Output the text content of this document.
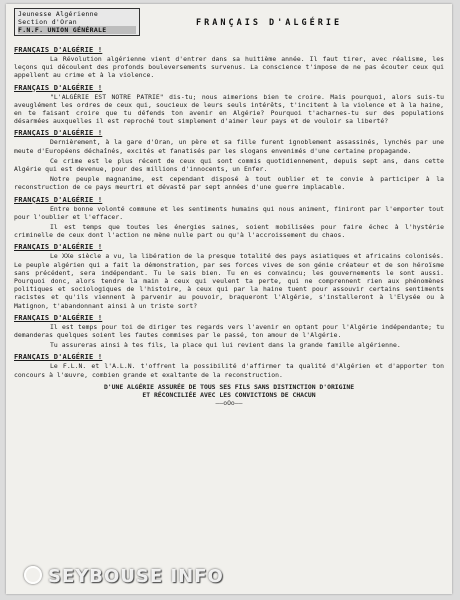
Jeunesse Algérienne
Section d'Oran
F.N.F. UNION GÉNÉRALE
FRANÇAIS D'ALGÉRIE
FRANÇAIS D'ALGÉRIE !

La Révolution algérienne vient d'entrer dans sa huitième année. Il faut tirer, avec réalisme, les leçons qui découlent des profonds bouleversements survenus. La conscience t'impose de ne pas écouter ceux qui appellent au crime et à la violence.

FRANÇAIS D'ALGÉRIE !

"L'ALGÉRIE EST NOTRE PATRIE" dis-tu; nous aimerions bien te croire. Mais pourquoi, alors suis-tu aveuglément les ordres de ceux qui, soucieux de leurs seuls intérêts, t'incitent à la violence et à la haine, en te faisant croire que tu défends ton avenir en Algérie? Pourquoi t'acharnes-tu sur des populations désarmées auxquelles il est reproché tout simplement d'aimer leur pays et de vouloir sa liberté?

FRANÇAIS D'ALGÉRIE !

Dernièrement, à la gare d'Oran, un père et sa fille furent ignoblement assassinés, lynchés par une meute d'Européens déchaînés, excités et fanatisés par les slogans envenimés d'une certaine propagande.

Ce crime est le plus récent de ceux qui sont commis quotidiennement, depuis sept ans, dans cette Algérie qui est devenue, pour des millions d'innocents, un Enfer.

Notre peuple magnanime, est cependant disposé à tout oublier et te convie à participer à la reconstruction de ce pays meurtri et dévasté par sept années d'une guerre implacable.

FRANÇAIS D'ALGÉRIE !

Entre bonne volonté commune et les sentiments humains qui nous animent, finiront par l'emporter tout pour l'oublier et l'effacer.

Il est temps que toutes les énergies saines, soient mobilisées pour faire échec à l'hystérie criminelle de ceux dont l'action ne mène nulle part ou qu'à l'accroissement du chaos.

FRANÇAIS D'ALGÉRIE !

Le XXe siècle a vu, la libération de la presque totalité des pays asiatiques et africains colonisés. Le peuple algérien qui a fait la démonstration, par ses forces vives de son génie créateur et de son héroïsme sans précédent, sera indépendant. Tu le sais bien. Tu en es convaincu; les gouvernements le sont aussi. Pourquoi donc, alors tendre la main à ceux qui veulent ta perte, qui ne comprennent rien aux phénomènes politiques et sociologiques de l'histoire, à ceux qui par la haine tuent pour assouvir certains sentiments racistes et qu'ils viennent à parvenir au pouvoir, braqueront l'Algérie, s'installeront à l'Elysée ou à Matignon, t'abandonnant ainsi à un triste sort?

FRANÇAIS D'ALGÉRIE !

Il est temps pour toi de diriger tes regards vers l'avenir en optant pour l'Algérie indépendante; tu demanderas quelques soient les fautes commises par le passé, ton amour de l'Algérie.

Tu assureras ainsi à tes fils, la place qui lui revient dans la grande famille algérienne.

FRANÇAIS D'ALGÉRIE !

Le F.L.N. et l'A.L.N. t'offrent la possibilité d'affirmer ta qualité d'Algérien et d'apporter ton concours à l'œuvre, combien grande et exaltante de la reconstruction.

D'UNE ALGÉRIE ASSURÉE DE TOUS SES FILS SANS DISTINCTION D'ORIGINE
ET RÉCONCILIÉE AVEC LES CONVICTIONS DE CHACUN
——oOo——
SEYBOUSE INFO
